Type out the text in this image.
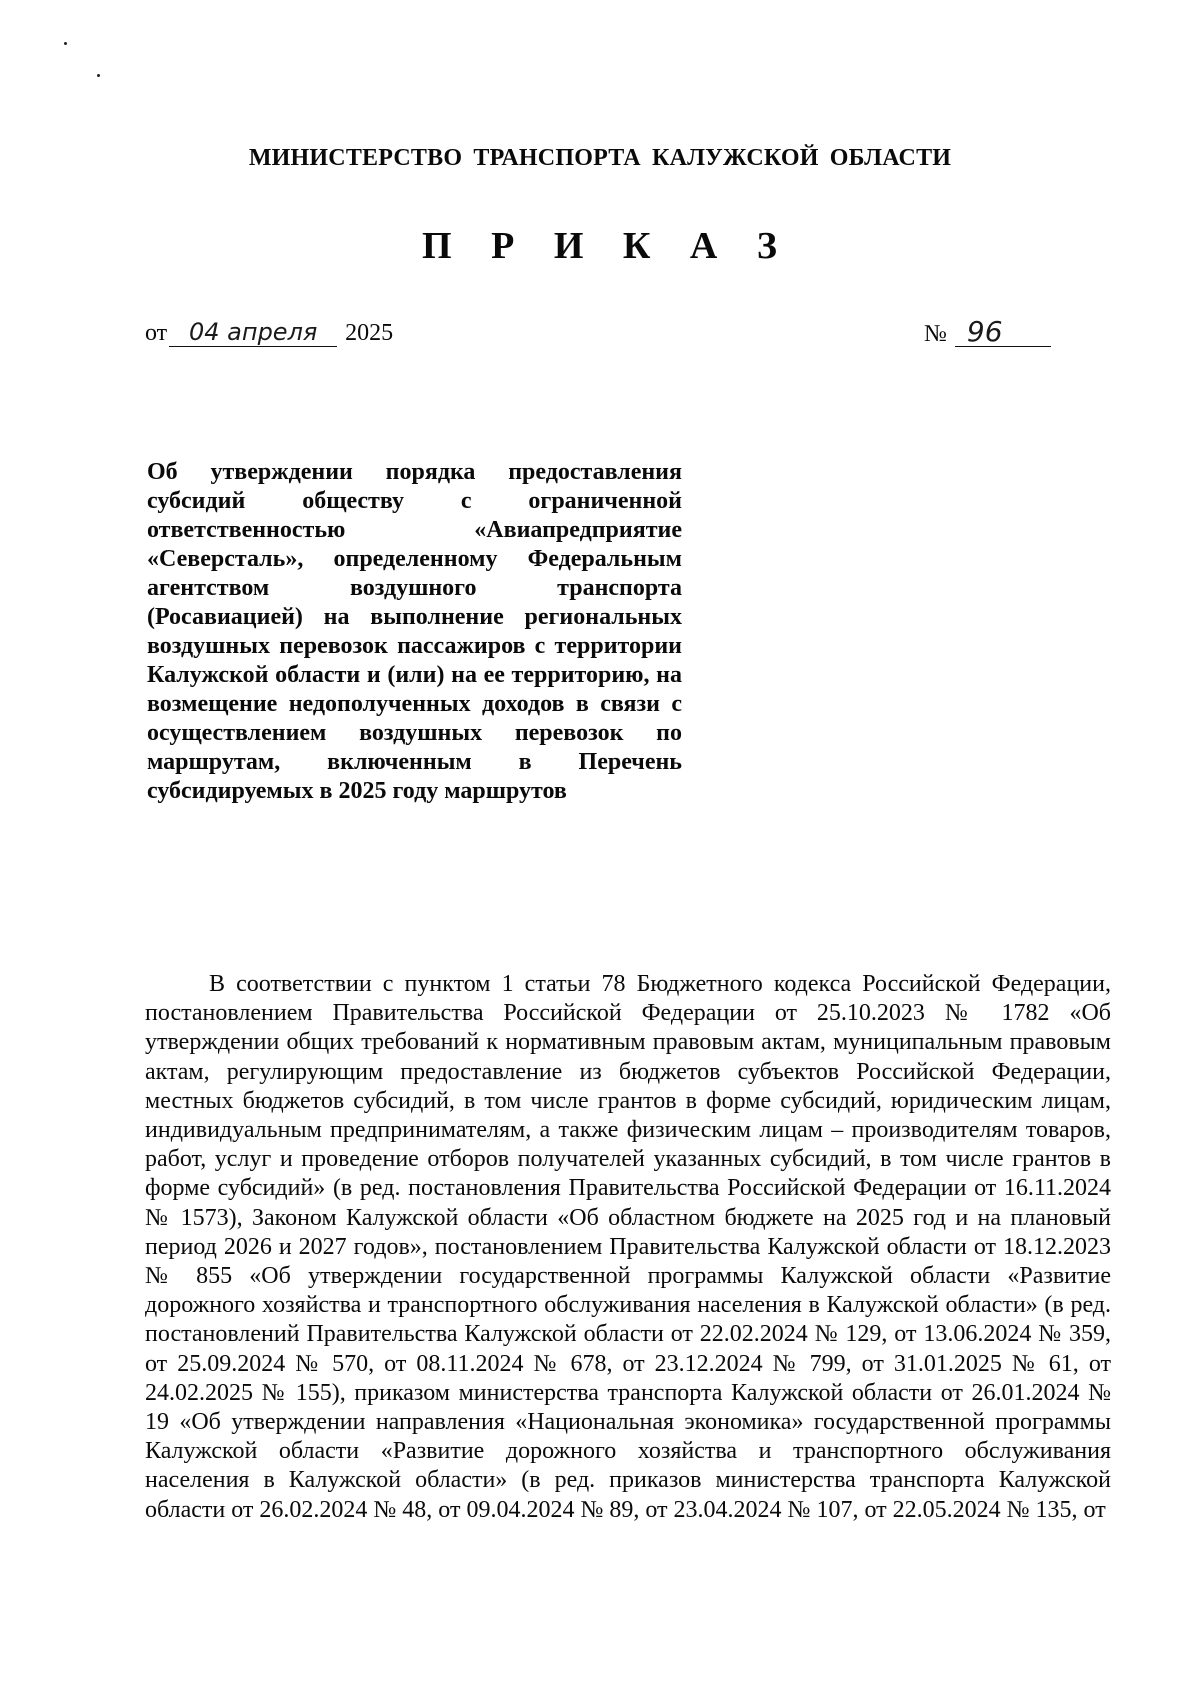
МИНИСТЕРСТВО ТРАНСПОРТА КАЛУЖСКОЙ ОБЛАСТИ
П Р И К А З
от 04 апреля 2025	№ 96
Об утверждении порядка предоставления субсидий обществу с ограниченной ответственностью «Авиапредприятие «Северсталь», определенному Федеральным агентством воздушного транспорта (Росавиацией) на выполнение региональных воздушных перевозок пассажиров с территории Калужской области и (или) на ее территорию, на возмещение недополученных доходов в связи с осуществлением воздушных перевозок по маршрутам, включенным в Перечень субсидируемых в 2025 году маршрутов

В соответствии с пунктом 1 статьи 78 Бюджетного кодекса Российской Федерации, постановлением Правительства Российской Федерации от 25.10.2023 № 1782 «Об утверждении общих требований к нормативным правовым актам, муниципальным правовым актам, регулирующим предоставление из бюджетов субъектов Российской Федерации, местных бюджетов субсидий, в том числе грантов в форме субсидий, юридическим лицам, индивидуальным предпринимателям, а также физическим лицам – производителям товаров, работ, услуг и проведение отборов получателей указанных субсидий, в том числе грантов в форме субсидий» (в ред. постановления Правительства Российской Федерации от 16.11.2024 № 1573), Законом Калужской области «Об областном бюджете на 2025 год и на плановый период 2026 и 2027 годов», постановлением Правительства Калужской области от 18.12.2023 № 855 «Об утверждении государственной программы Калужской области «Развитие дорожного хозяйства и транспортного обслуживания населения в Калужской области» (в ред. постановлений Правительства Калужской области от 22.02.2024 № 129, от 13.06.2024 № 359, от 25.09.2024 № 570, от 08.11.2024 № 678, от 23.12.2024 № 799, от 31.01.2025 № 61, от 24.02.2025 № 155), приказом министерства транспорта Калужской области от 26.01.2024 № 19 «Об утверждении направления «Национальная экономика» государственной программы Калужской области «Развитие дорожного хозяйства и транспортного обслуживания населения в Калужской области» (в ред. приказов министерства транспорта Калужской области от 26.02.2024 № 48, от 09.04.2024 № 89, от 23.04.2024 № 107, от 22.05.2024 № 135, от
